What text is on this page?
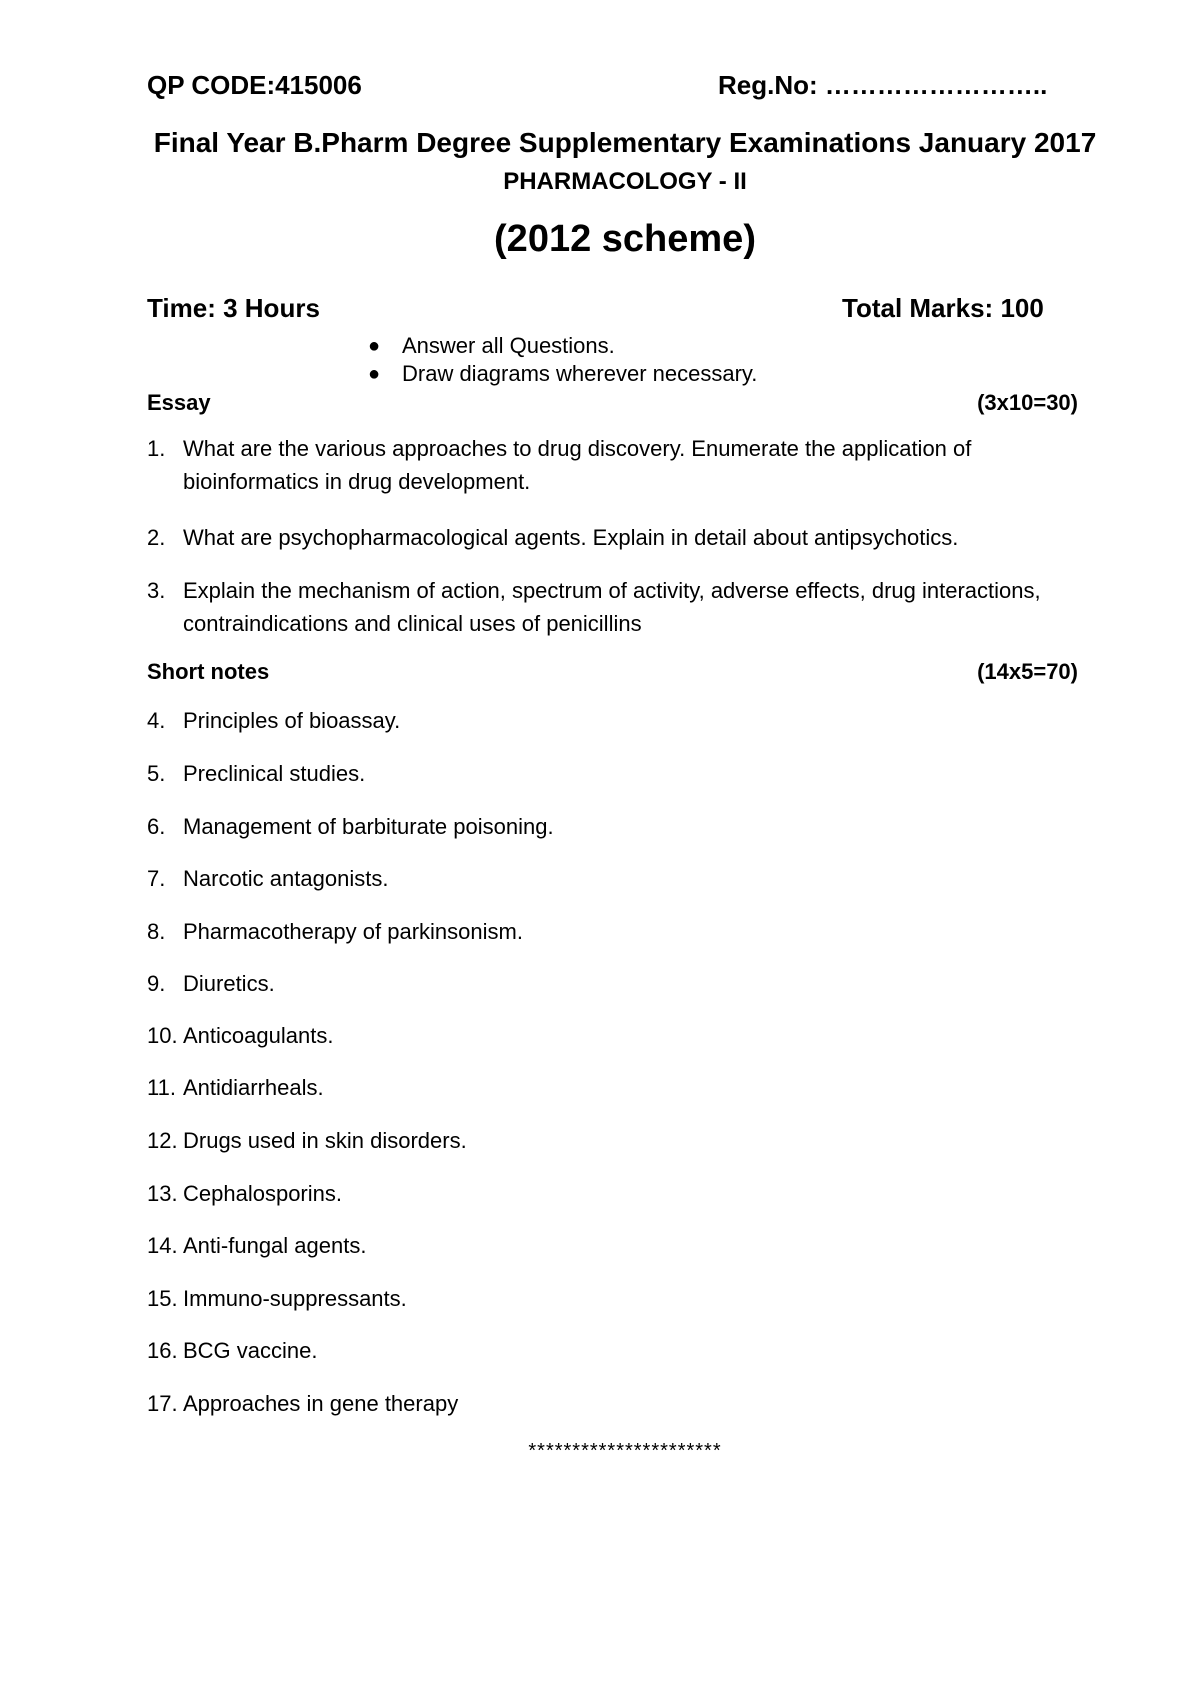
QP CODE:415006	Reg.No: ……………………..
Final Year B.Pharm Degree Supplementary Examinations January 2017
PHARMACOLOGY - II
(2012 scheme)
Time: 3 Hours	Total Marks: 100
● Answer all Questions.
● Draw diagrams wherever necessary.
Essay	(3x10=30)
1. What are the various approaches to drug discovery. Enumerate the application of bioinformatics in drug development.
2. What are psychopharmacological agents. Explain in detail about antipsychotics.
3. Explain the mechanism of action, spectrum of activity, adverse effects, drug interactions, contraindications and clinical uses of penicillins
Short notes	(14x5=70)
4. Principles of bioassay.
5. Preclinical studies.
6. Management of barbiturate poisoning.
7. Narcotic antagonists.
8. Pharmacotherapy of parkinsonism.
9. Diuretics.
10. Anticoagulants.
11. Antidiarrheals.
12. Drugs used in skin disorders.
13. Cephalosporins.
14. Anti-fungal agents.
15. Immuno-suppressants.
16. BCG vaccine.
17. Approaches in gene therapy
**********************
